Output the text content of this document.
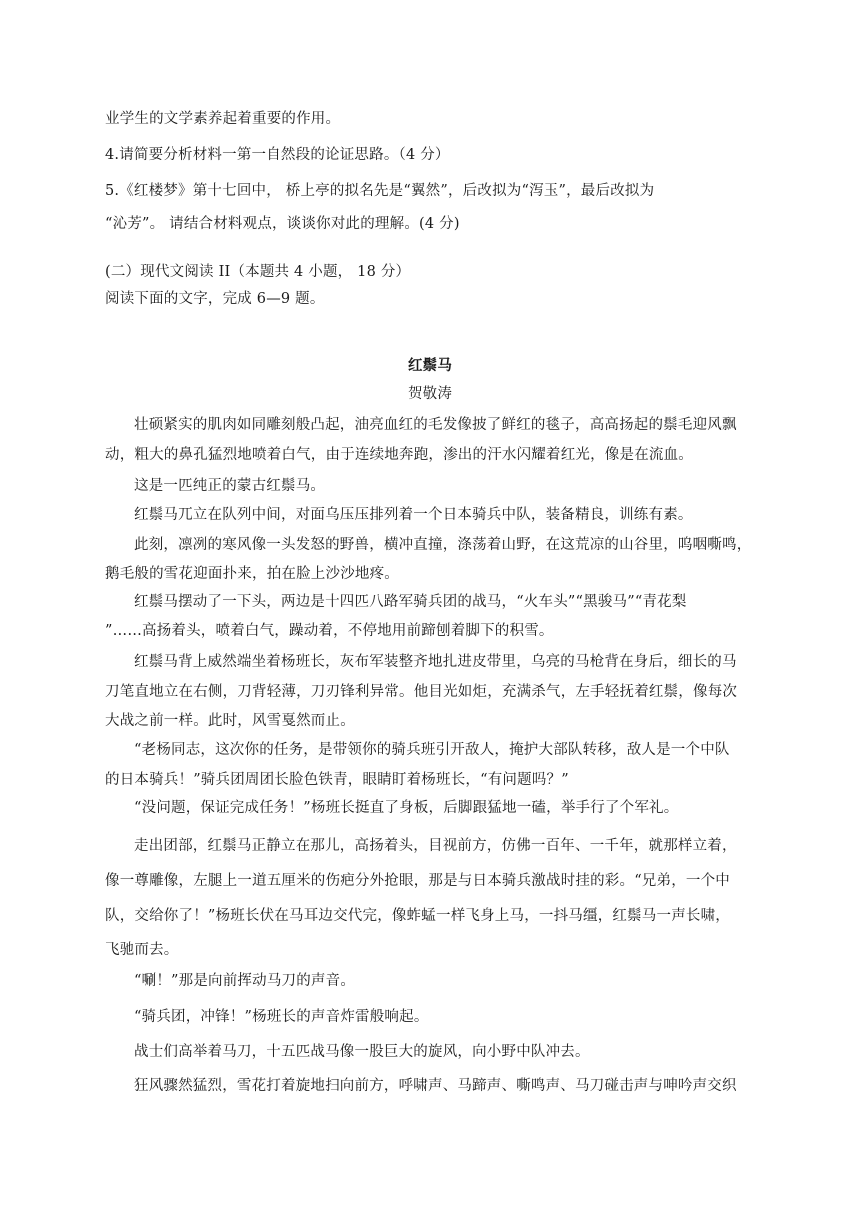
业学生的文学素养起着重要的作用。
4.请简要分析材料一第一自然段的论证思路。（4 分）
5.《红楼梦》第十七回中， 桥上亭的拟名先是“翼然”，后改拟为“泻玉”，最后改拟为
“沁芳”。 请结合材料观点，谈谈你对此的理解。(4 分)
(二）现代文阅读 II（本题共 4 小题， 18 分）
阅读下面的文字，完成 6—9 题。
红鬃马
贺敬涛
壮硕紧实的肌肉如同雕刻般凸起，油亮血红的毛发像披了鲜红的毯子，高高扬起的鬃毛迎风飘
动，粗大的鼻孔猛烈地喷着白气，由于连续地奔跑，渗出的汗水闪耀着红光，像是在流血。
这是一匹纯正的蒙古红鬃马。
红鬃马兀立在队列中间，对面乌压压排列着一个日本骑兵中队，装备精良，训练有素。
此刻，凛冽的寒风像一头发怒的野兽，横冲直撞，涤荡着山野，在这荒凉的山谷里，呜咽嘶鸣，
鹅毛般的雪花迎面扑来，拍在脸上沙沙地疼。
红鬃马摆动了一下头，两边是十四匹八路军骑兵团的战马，“火车头”“黑骏马”“青花梨
”……高扬着头，喷着白气，躁动着，不停地用前蹄刨着脚下的积雪。
红鬃马背上威然端坐着杨班长，灰布军装整齐地扎进皮带里，乌亮的马枪背在身后，细长的马
刀笔直地立在右侧，刀背轻薄，刀刃锋利异常。他目光如炬，充满杀气，左手轻抚着红鬃，像每次
大战之前一样。此时，风雪戛然而止。
“老杨同志，这次你的任务，是带领你的骑兵班引开敌人，掩护大部队转移，敌人是一个中队
的日本骑兵！”骑兵团周团长脸色铁青，眼睛盯着杨班长，“有问题吗？”
“没问题，保证完成任务！”杨班长挺直了身板，后脚跟猛地一磕，举手行了个军礼。
走出团部，红鬃马正静立在那儿，高扬着头，目视前方，仿佛一百年、一千年，就那样立着，
像一尊雕像，左腿上一道五厘米的伤疤分外抢眼，那是与日本骑兵激战时挂的彩。“兄弟，一个中
队，交给你了！”杨班长伏在马耳边交代完，像蚱蜢一样飞身上马，一抖马缰，红鬃马一声长啸，
飞驰而去。
“唰！”那是向前挥动马刀的声音。
“骑兵团，冲锋！”杨班长的声音炸雷般响起。
战士们高举着马刀，十五匹战马像一股巨大的旋风，向小野中队冲去。
狂风骤然猛烈，雪花打着旋地扫向前方，呼啸声、马蹄声、嘶鸣声、马刀碰击声与呻吟声交织
